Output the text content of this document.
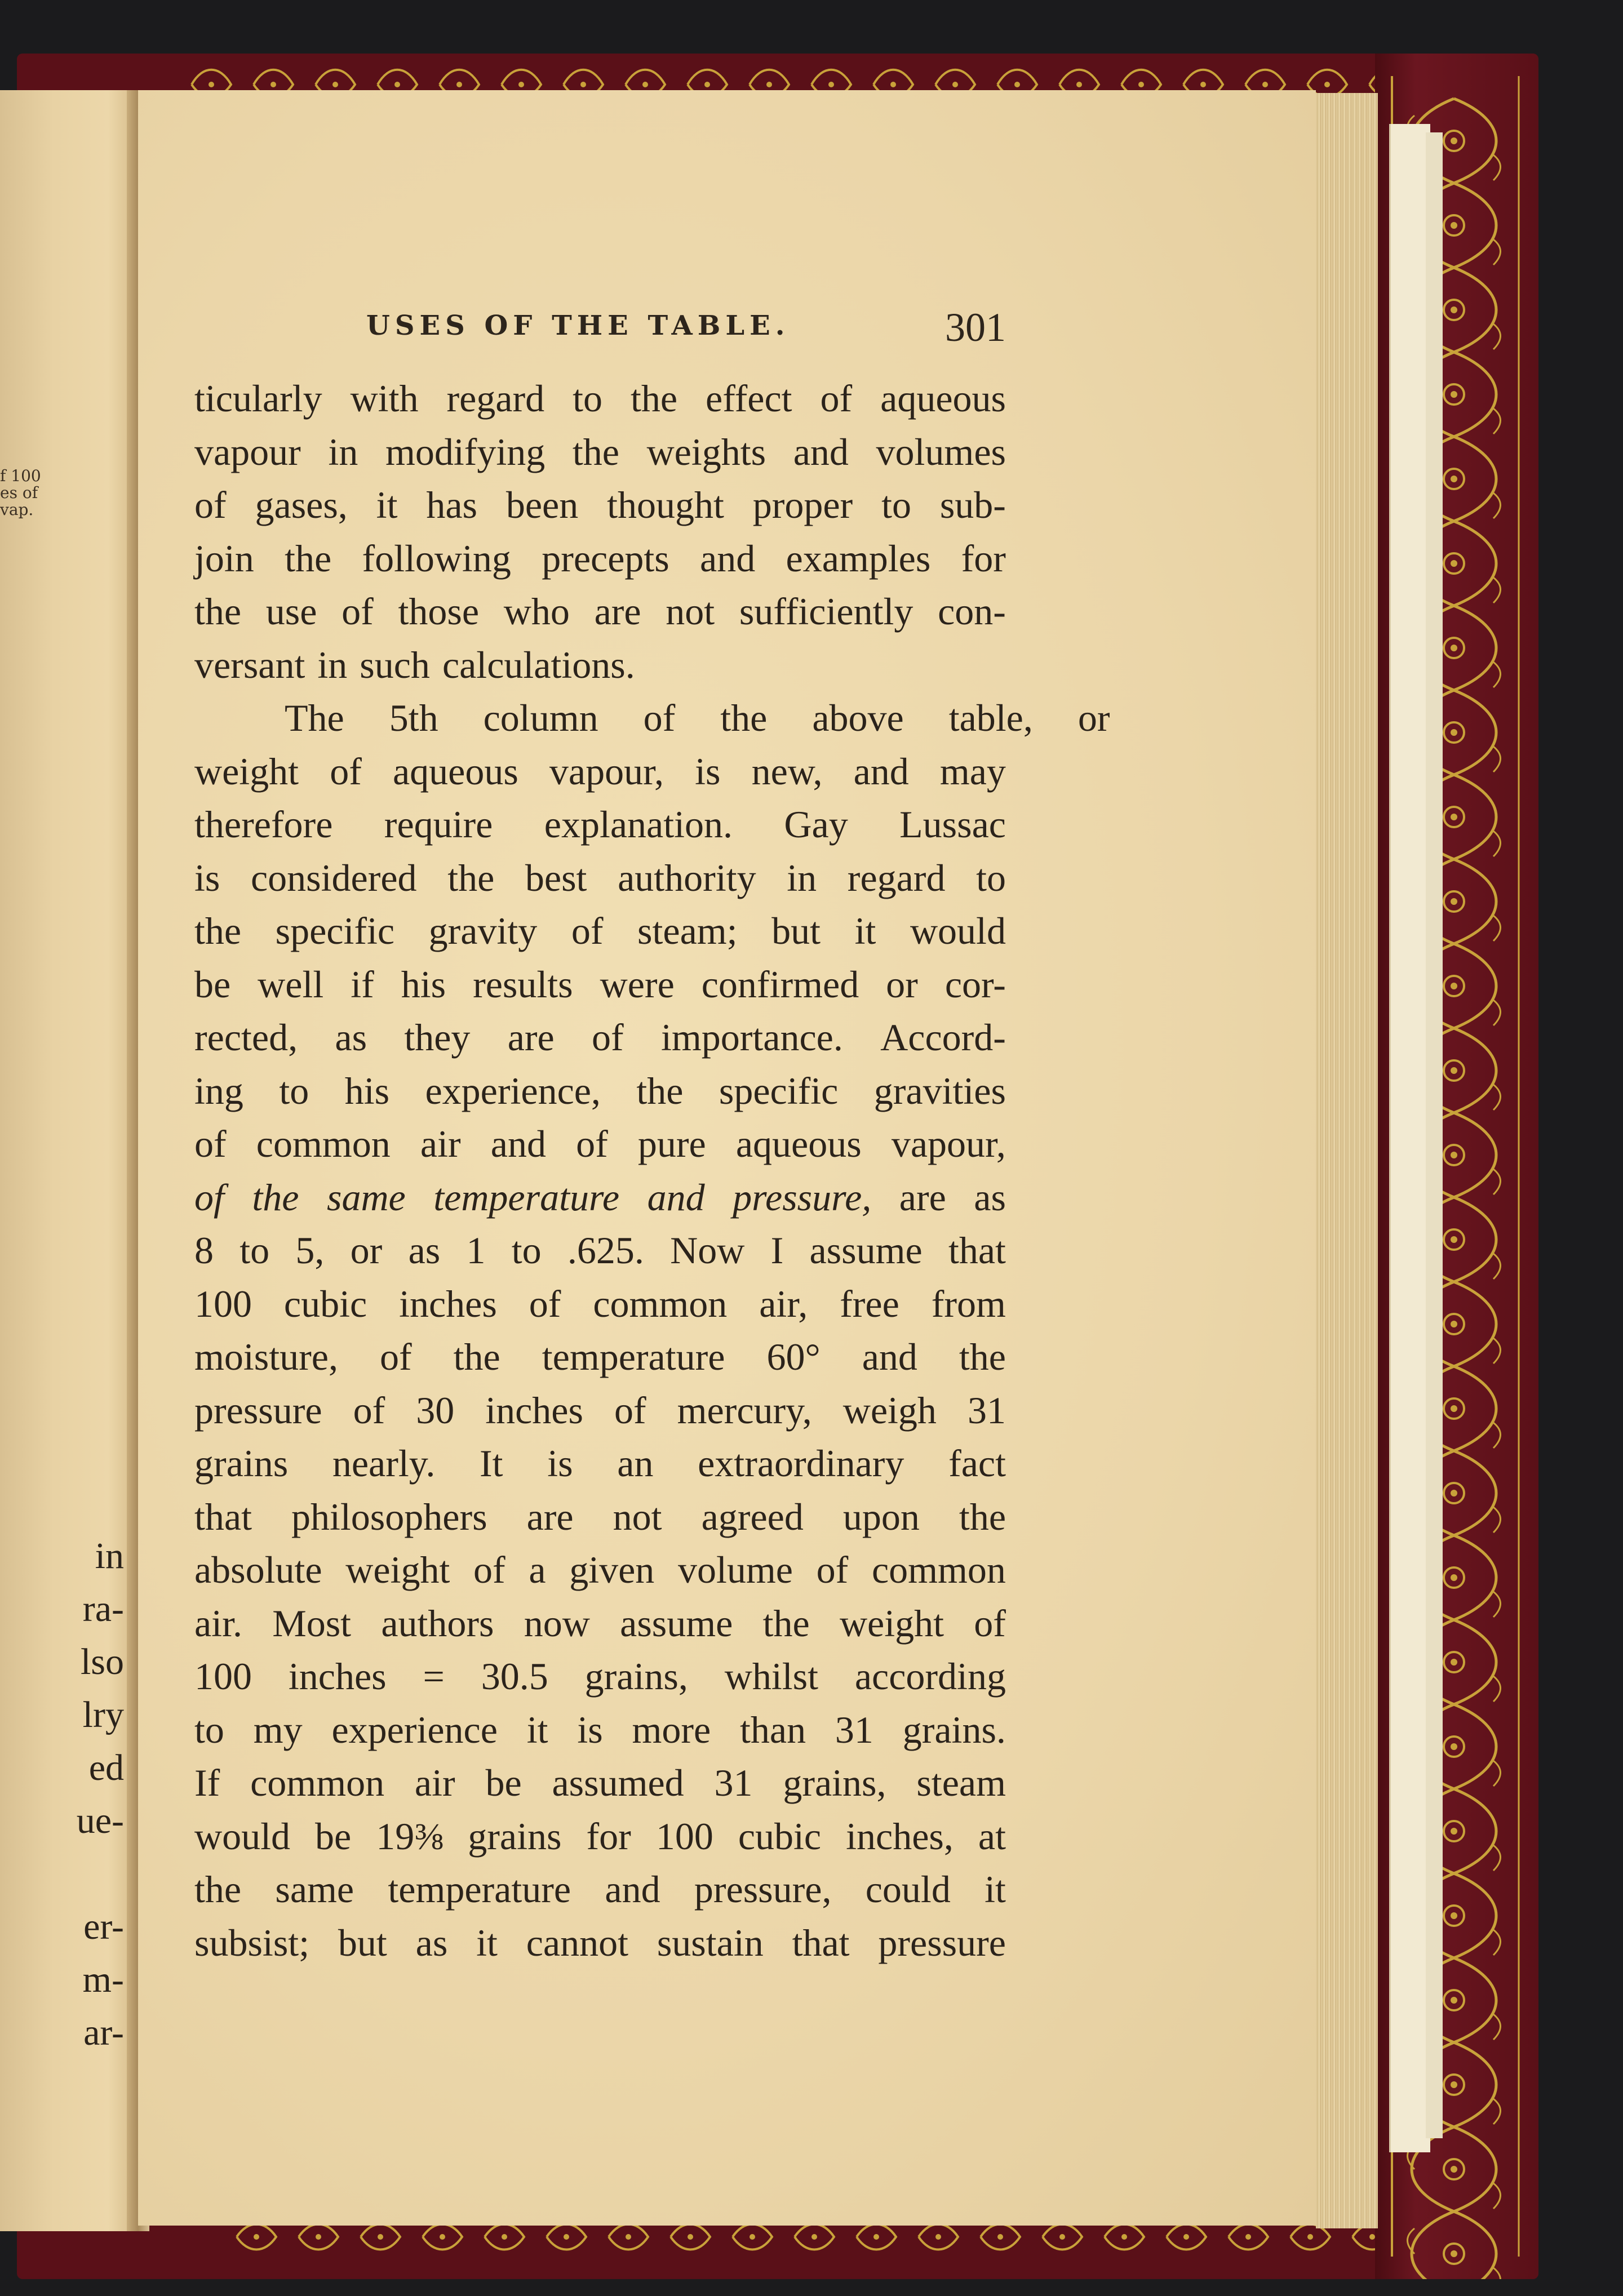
f 100
es of
vap.
in
ra-
lso
lry
ed
ue-
er-
m-
ar-
USES OF THE TABLE.	301
ticularly with regard to the effect of aqueous
vapour in modifying the weights and volumes
of gases, it has been thought proper to sub-
join the following precepts and examples for
the use of those who are not sufficiently con-
versant in such calculations.
The	5th	column	of	the	above	table,	or
weight of aqueous vapour, is new, and may
therefore require explanation. Gay Lussac
is considered the best authority in regard to
the specific gravity of steam; but it would
be well if his results were confirmed or cor-
rected, as they are of importance. Accord-
ing to his experience, the specific gravities
of common air and of pure aqueous vapour,
of the same temperature and pressure, are as
8 to 5, or as 1 to .625. Now I assume that
100 cubic inches of common air, free from
moisture, of the temperature 60° and the
pressure of 30 inches of mercury, weigh 31
grains nearly. It is an extraordinary fact
that philosophers are not agreed upon the
absolute weight of a given volume of common
air. Most authors now assume the weight of
100 inches = 30.5 grains, whilst according
to my experience it is more than 31 grains.
If common air be assumed 31 grains, steam
would be 19⅜ grains for 100 cubic inches, at
the same temperature and pressure, could it
subsist; but as it cannot sustain that pressure
